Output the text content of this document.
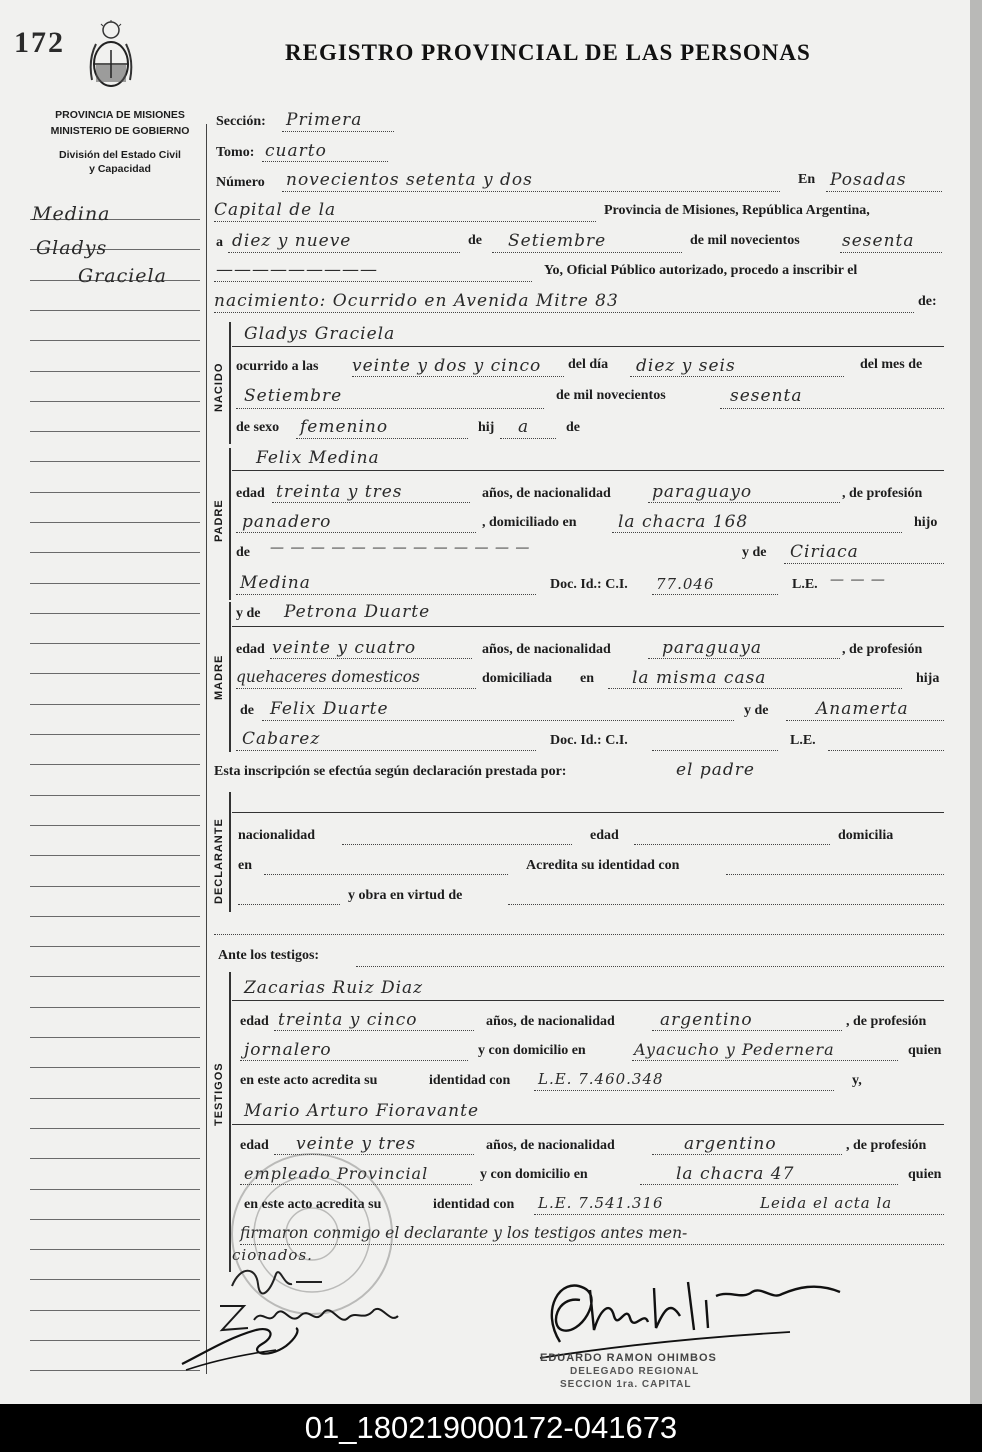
172	REGISTRO PROVINCIAL DE LAS PERSONAS
PROVINCIA DE MISIONES
MINISTERIO DE GOBIERNO
División del Estado Civil
y Capacidad
Medina
Gladys
Graciela
Sección: Primera
Tomo: cuarto
Número novecientos setenta y dos	En Posadas
Capital de la	Provincia de Misiones, República Argentina,
a diez y nueve	de Setiembre	de mil novecientos sesenta
—————————	Yo, Oficial Público autorizado, procedo a inscribir el
nacimiento: Ocurrido en Avenida Mitre 83	de:
NACIDO
Gladys Graciela
ocurrido a las veinte y dos y cinco del día diez y seis	del mes de
Setiembre	de mil novecientos	sesenta
de sexo femenino	hij a	de
PADRE
Felix Medina
edad treinta y tres	años, de nacionalidad paraguayo	, de profesión
panadero	, domiciliado en la chacra 168	hijo
de — — — — — — — — — — — — —	y de Ciriaca
Medina	Doc. Id.: C.I. 77.046	L.E. — — —
MADRE
y de Petrona Duarte
edad veinte y cuatro	años, de nacionalidad	paraguaya	, de profesión
quehaceres domesticos	domiciliada en la misma casa	hija
de Felix Duarte	y de	Anamerta
Cabarez	Doc. Id.: C.I.	L.E.
Esta inscripción se efectúa según declaración prestada por:	el padre
DECLARANTE nacionalidad	edad	domicilia
en	Acredita su identidad con
y obra en virtud de
Ante los testigos:
TESTIGOS
Zacarias Ruiz Diaz
edad treinta y cinco	años, de nacionalidad	argentino	, de profesión
jornalero	y con domicilio en	Ayacucho y Pedernera	quien
en este acto acredita su	identidad con L.E. 7.460.348	y,
Mario Arturo Fioravante
edad veinte y tres	años, de nacionalidad	argentino	, de profesión
empleado Provincial	y con domicilio en	la chacra 47	quien
en este acto acredita su	identidad con L.E. 7.541.316	Leida el acta la
firmaron conmigo el declarante y los testigos antes men-
cionados.
EDUARDO RAMON OHIMBOS
DELEGADO REGIONAL
SECCION 1ra. CAPITAL
01_180219000172-041673
